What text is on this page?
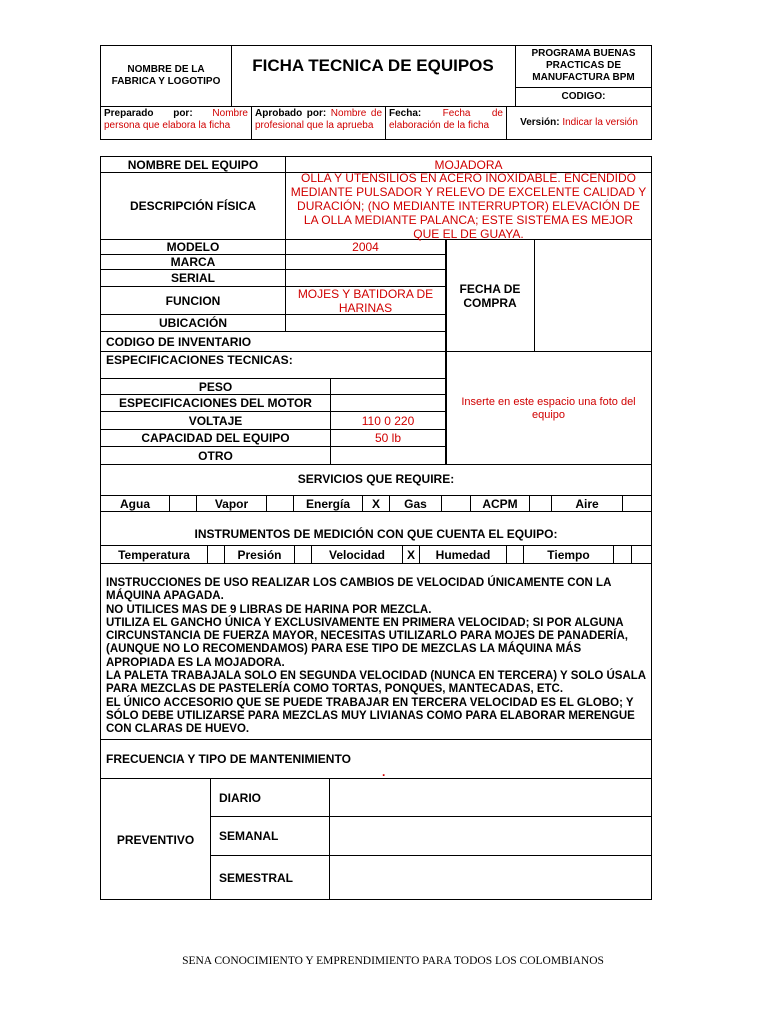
NOMBRE DE LA FABRICA Y LOGOTIPO
FICHA TECNICA DE EQUIPOS
PROGRAMA BUENAS PRACTICAS DE MANUFACTURA BPM
CODIGO:
Preparado por: Nombre persona que elabora la ficha
Aprobado por: Nombre de profesional que la aprueba
Fecha: Fecha de elaboración de la ficha	Versión:
Indicar la versión
NOMBRE DEL EQUIPO	MOJADORA
DESCRIPCIÓN FÍSICA
OLLA Y UTENSILIOS EN ACERO INOXIDABLE. ENCENDIDO MEDIANTE PULSADOR Y RELEVO DE EXCELENTE CALIDAD Y DURACIÓN; (NO MEDIANTE INTERRUPTOR) ELEVACIÓN DE LA OLLA MEDIANTE PALANCA; ESTE SISTEMA ES MEJOR QUE EL DE GUAYA.
MODELO	2004
MARCA
SERIAL
FUNCION	MOJES Y BATIDORA DE HARINAS
UBICACIÓN
CODIGO DE INVENTARIO
FECHA DE COMPRA
ESPECIFICACIONES TECNICAS:
PESO
ESPECIFICACIONES DEL MOTOR
VOLTAJE	110 0 220
CAPACIDAD DEL EQUIPO	50 lb
OTRO
Inserte en este espacio una foto del equipo
SERVICIOS QUE REQUIRE:
Agua	Vapor	Energía	X	Gas	ACPM	Aire
INSTRUMENTOS DE MEDICIÓN CON QUE CUENTA EL EQUIPO:
Temperatura	Presión	Velocidad	X	Humedad	Tiempo
INSTRUCCIONES DE USO REALIZAR LOS CAMBIOS DE VELOCIDAD ÚNICAMENTE CON LA MÁQUINA APAGADA.
NO UTILICES MAS DE 9 LIBRAS DE HARINA POR MEZCLA.
UTILIZA EL GANCHO ÚNICA Y EXCLUSIVAMENTE EN PRIMERA VELOCIDAD; SI POR ALGUNA CIRCUNSTANCIA DE FUERZA MAYOR, NECESITAS UTILIZARLO PARA MOJES DE PANADERÍA, (AUNQUE NO LO RECOMENDAMOS) PARA ESE TIPO DE MEZCLAS LA MÁQUINA MÁS APROPIADA ES LA MOJADORA.
LA PALETA TRABAJALA SOLO EN SEGUNDA VELOCIDAD (NUNCA EN TERCERA) Y SOLO ÚSALA PARA MEZCLAS DE PASTELERÍA COMO TORTAS, PONQUES, MANTECADAS, ETC.
EL ÚNICO ACCESORIO QUE SE PUEDE TRABAJAR EN TERCERA VELOCIDAD ES EL GLOBO; Y SÓLO DEBE UTILIZARSE PARA MEZCLAS MUY LIVIANAS COMO PARA ELABORAR MERENGUE CON CLARAS DE HUEVO.
FRECUENCIA Y TIPO DE MANTENIMIENTO
.
PREVENTIVO
DIARIO
SEMANAL
SEMESTRAL
SENA CONOCIMIENTO Y EMPRENDIMIENTO PARA TODOS LOS COLOMBIANOS
